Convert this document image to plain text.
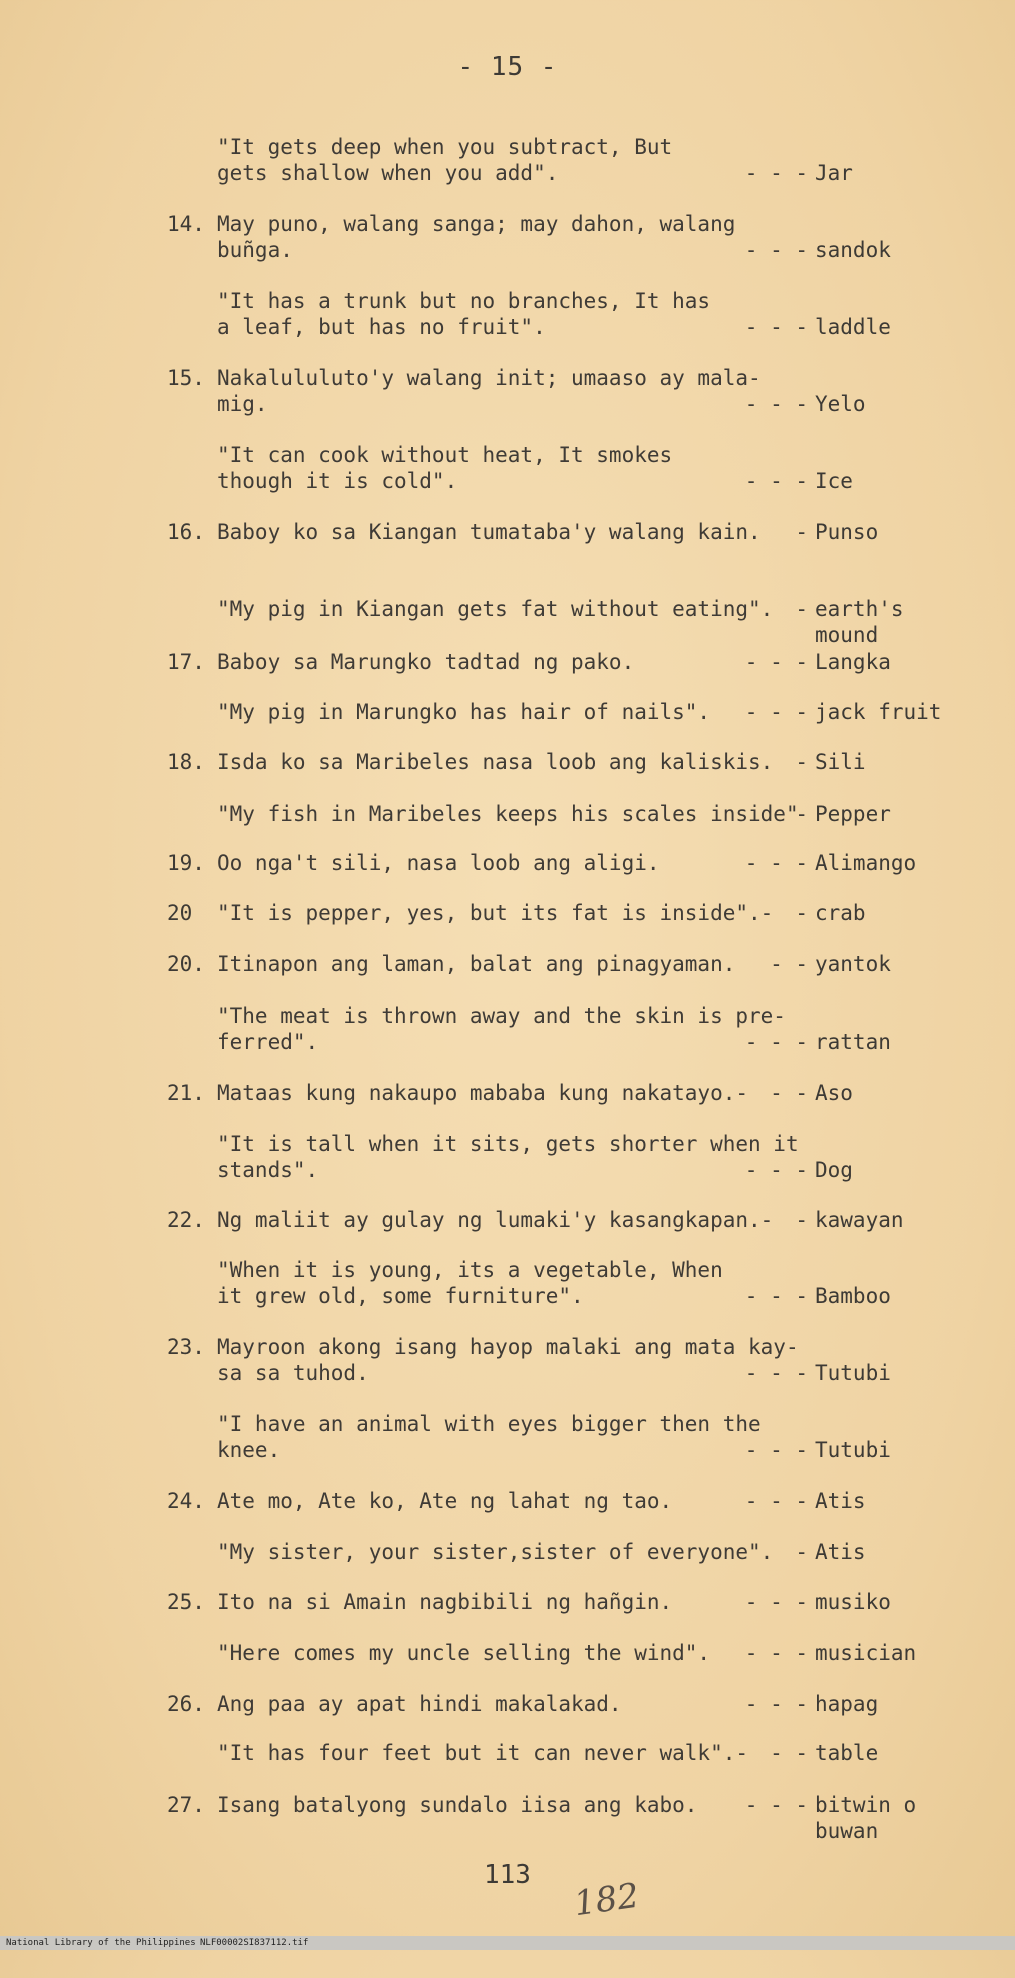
- 15 -
"It gets deep when you subtract, But
gets shallow when you add".	- - - Jar
14. May puno, walang sanga; may dahon, walang
buñga.	- - - sandok
"It has a trunk but no branches, It has
a leaf, but has no fruit".	- - - laddle
15. Nakalululuto'y walang init; umaaso ay mala-
mig.	- - - Yelo
"It can cook without heat, It smokes
though it is cold".	- - - Ice
16. Baboy ko sa Kiangan tumataba'y walang kain. - Punso
"My pig in Kiangan gets fat without eating". - earth's
mound
17. Baboy sa Marungko tadtad ng pako.	- - - Langka
"My pig in Marungko has hair of nails". - - - jack fruit
18. Isda ko sa Maribeles nasa loob ang kaliskis. - Sili
"My fish in Maribeles keeps his scales inside"
- Pepper
19. Oo nga't sili, nasa loob ang aligi.	- - - Alimango
20 "It is pepper, yes, but its fat is inside".- - crab
20. Itinapon ang laman, balat ang pinagyaman. - - yantok
"The meat is thrown away and the skin is pre-
ferred".	- - - rattan
21. Mataas kung nakaupo mababa kung nakatayo.- - - Aso
"It is tall when it sits, gets shorter when it
stands".	- - - Dog
22. Ng maliit ay gulay ng lumaki'y kasangkapan.- - kawayan
"When it is young, its a vegetable, When
it grew old, some furniture".	- - - Bamboo
23. Mayroon akong isang hayop malaki ang mata kay-
sa sa tuhod.	- - - Tutubi
"I have an animal with eyes bigger then the
knee.	- - - Tutubi
24. Ate mo, Ate ko, Ate ng lahat ng tao.	- - - Atis
"My sister, your sister,sister of everyone". - Atis
25. Ito na si Amain nagbibili ng hañgin.	- - - musiko
"Here comes my uncle selling the wind". - - - musician
26. Ang paa ay apat hindi makalakad.	- - - hapag
"It has four feet but it can never walk".- - - table
27. Isang batalyong sundalo iisa ang kabo. - - - bitwin o
buwan
113
182

National Library of the Philippines

NLF00002SI837112.tif
